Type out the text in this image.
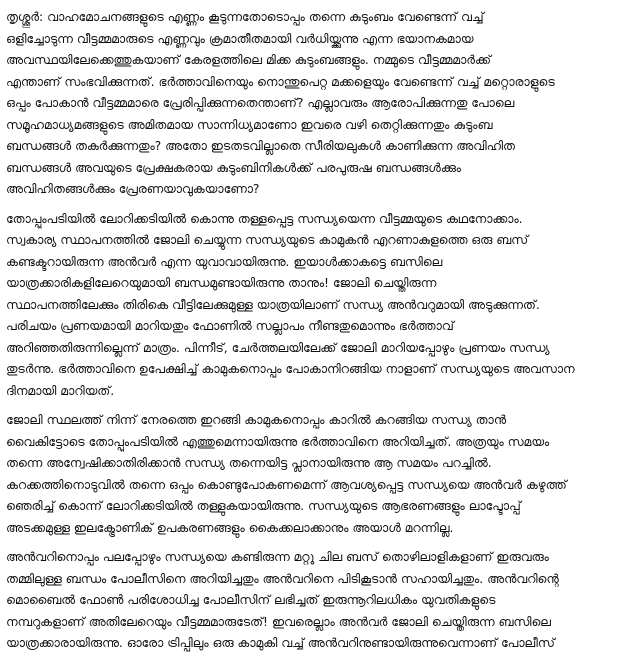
തൃശ്ശൂർ: വാഹമോചനങ്ങളുടെ എണ്ണം കൂടുന്നതോടൊപ്പം തന്നെ കുടുംബം വേണ്ടെന്ന് വച്ച്
ഒളിച്ചോടുന്ന വീട്ടമ്മമാരുടെ എണ്ണവും ക്രമാതീതമായി വർധിയ്ക്കുന്നു എന്ന ഭയാനകമായ
അവസ്ഥയിലേക്കെത്തുകയാണ് കേരളത്തിലെ മിക്ക കുടുംബങ്ങളും. നമ്മുടെ വീട്ടമ്മമാർക്ക്
എന്താണ് സംഭവിക്കുന്നത്. ഭർത്താവിനെയും നൊന്തുപെറ്റ മക്കളെയും വേണ്ടെന്ന് വച്ച് മറ്റൊരാളുടെ
ഒപ്പം പോകാൻ വീട്ടമ്മമാരെ പ്രേരിപ്പിക്കുന്നതെന്താണ്? എല്ലാവരും ആരോപിക്കുന്നതു പോലെ
സമൂഹമാധ്യമങ്ങളുടെ അമിതമായ സാന്നിധ്യമാണോ ഇവരെ വഴി തെറ്റിക്കുന്നതും കുടുംബ
ബന്ധങ്ങൾ തകർക്കുന്നതും? അതോ ഇടതടവില്ലാതെ സീരിയലുകൾ കാണിക്കുന്ന അവിഹിത
ബന്ധങ്ങൾ അവയുടെ പ്രേക്ഷകരായ കുടുംബിനികൾക്ക് പരപുരുഷ ബന്ധങ്ങൾക്കും
അവിഹിതങ്ങൾക്കും പ്രേരണയാവുകയാണോ?
തോപ്പുംപടിയിൽ ലോറിക്കടിയിൽ കൊന്നു തള്ളപ്പെട്ട സന്ധ്യയെന്ന വീട്ടമ്മയുടെ കഥനോക്കാം.
സ്വകാര്യ സ്ഥാപനത്തിൽ ജോലി ചെയ്യുന്ന സന്ധ്യയുടെ കാമുകൻ എറണാകുളത്തെ ഒരു ബസ്
കണ്ടക്ടറായിരുന്ന അൻവർ എന്ന യുവാവായിരുന്നു. ഇയാൾക്കാകട്ടെ ബസിലെ
യാത്രക്കാരികളിലേറെയുമായി ബന്ധമുണ്ടായിരുന്നു താനും! ജോലി ചെയ്തിരുന്ന
സ്ഥാപനത്തിലേക്കും തിരികെ വീട്ടിലേക്കുമുള്ള യാത്രയിലാണ് സന്ധ്യ അൻവറുമായി അടുക്കുന്നത്.
പരിചയം പ്രണയമായി മാറിയതും ഫോണിൽ സല്ലാപം നീണ്ടതുമൊന്നും ഭർത്താവ്
അറിഞ്ഞതിരുന്നില്ലെന്ന് മാത്രം. പിന്നീട്, ചേർത്തലയിലേക്ക് ജോലി മാറിയപ്പോഴും പ്രണയം സന്ധ്യ
തുടർന്നു. ഭർത്താവിനെ ഉപേക്ഷിച്ച് കാമുകനൊപ്പം പോകാനിറങ്ങിയ നാളാണ് സന്ധ്യയുടെ അവസാന
ദിനമായി മാറിയത്.
ജോലി സ്ഥലത്ത് നിന്ന് നേരത്തെ ഇറങ്ങി കാമുകനൊപ്പം കാറിൽ കറങ്ങിയ സന്ധ്യ താൻ
വൈകിട്ടോടെ തോപ്പുംപടിയിൽ എത്തുമെന്നായിരുന്നു ഭർത്താവിനെ അറിയിച്ചത്. അത്രയും സമയം
തന്നെ അന്വേഷിക്കാതിരിക്കാൻ സന്ധ്യ തന്നെയിട്ട പ്ലാനായിരുന്നു ആ സമയം പറച്ചിൽ.
കറക്കത്തിനൊടുവിൽ തന്നെ ഒപ്പം കൊണ്ടുപോകണമെന്ന് ആവശ്യപ്പെട്ട സന്ധ്യയെ അൻവർ കഴുത്ത്
ഞെരിച്ച് കൊന്ന് ലോറിക്കടിയിൽ തള്ളുകയായിരുന്നു. സന്ധ്യയുടെ ആഭരണങ്ങളും ലാപ്ടോപ്പ്
അടക്കമുള്ള ഇലക്ട്രോണിക് ഉപകരണങ്ങളും കൈക്കലാക്കാനും അയാൾ മറന്നില്ല.
അൻവറിനൊപ്പം പലപ്പോഴും സന്ധ്യയെ കണ്ടിരുന്ന മറ്റു ചില ബസ് തൊഴിലാളികളാണ് ഇരുവരും
തമ്മിലുള്ള ബന്ധം പോലീസിനെ അറിയിച്ചതും അൻവറിനെ പിടികൂടാൻ സഹായിച്ചതും. അൻവറിന്റെ
മൊബൈൽ ഫോൺ പരിശോധിച്ച പോലീസിന് ലഭിച്ചത് ഇരുന്നൂറിലധികം യുവതികളുടെ
നമ്പറുകളാണ് അതിലേറെയും വീട്ടമ്മമാരുടേത്! ഇവരെല്ലാം അൻവർ ജോലി ചെയ്തിരുന്ന ബസിലെ
യാത്രക്കാരായിരുന്നു. ഓരോ ട്രിപ്പിലും ഒരു കാമുകി വച്ച് അൻവറിനുണ്ടായിരുന്നുവെന്നാണ് പോലീസ്
